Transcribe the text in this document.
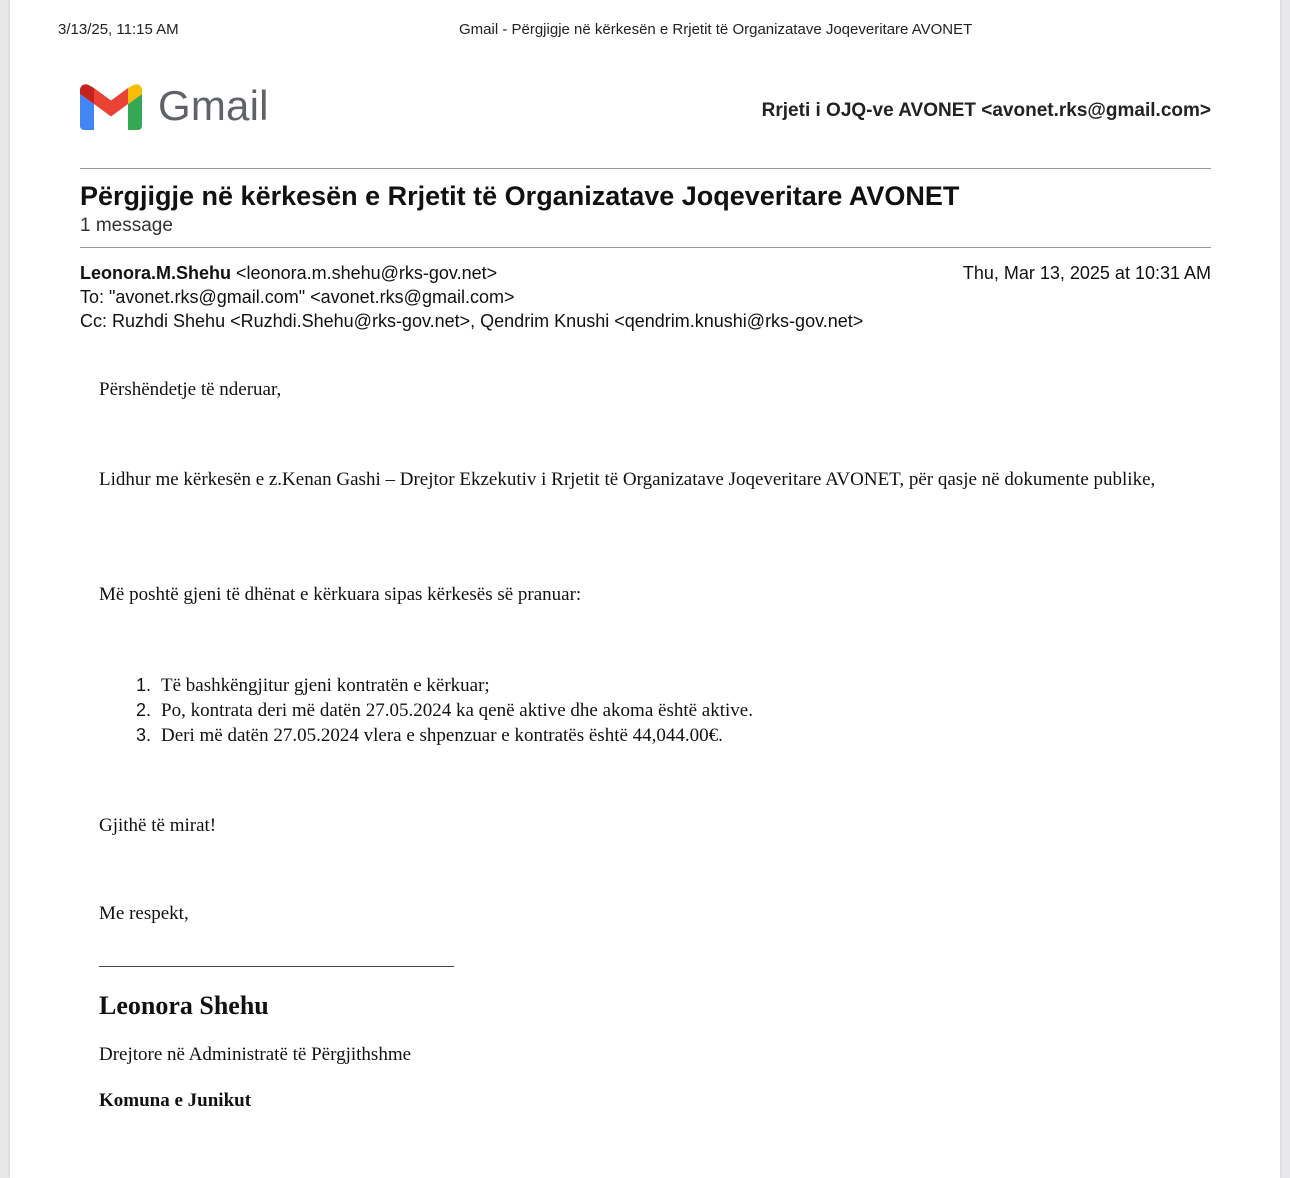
3/13/25, 11:15 AM	Gmail - Përgjigje në kërkesën e Rrjetit të Organizatave Joqeveritare AVONET
Gmail	Rrjeti i OJQ-ve AVONET <avonet.rks@gmail.com>
Përgjigje në kërkesën e Rrjetit të Organizatave Joqeveritare AVONET
1 message
Leonora.M.Shehu <leonora.m.shehu@rks-gov.net>	Thu, Mar 13, 2025 at 10:31 AM
To: "avonet.rks@gmail.com" <avonet.rks@gmail.com>
Cc: Ruzhdi Shehu <Ruzhdi.Shehu@rks-gov.net>, Qendrim Knushi <qendrim.knushi@rks-gov.net>
Përshëndetje të nderuar,
Lidhur me kërkesën e z.Kenan Gashi – Drejtor Ekzekutiv i Rrjetit të Organizatave Joqeveritare AVONET, për qasje në dokumente publike,
Më poshtë gjeni të dhënat e kërkuara sipas kërkesës së pranuar:
1. Të bashkëngjitur gjeni kontratën e kërkuar;
2. Po, kontrata deri më datën 27.05.2024 ka qenë aktive dhe akoma është aktive.
3. Deri më datën 27.05.2024 vlera e shpenzuar e kontratës është 44,044.00€.
Gjithë të mirat!
Me respekt,
Leonora Shehu
Drejtore në Administratë të Përgjithshme
Komuna e Junikut
